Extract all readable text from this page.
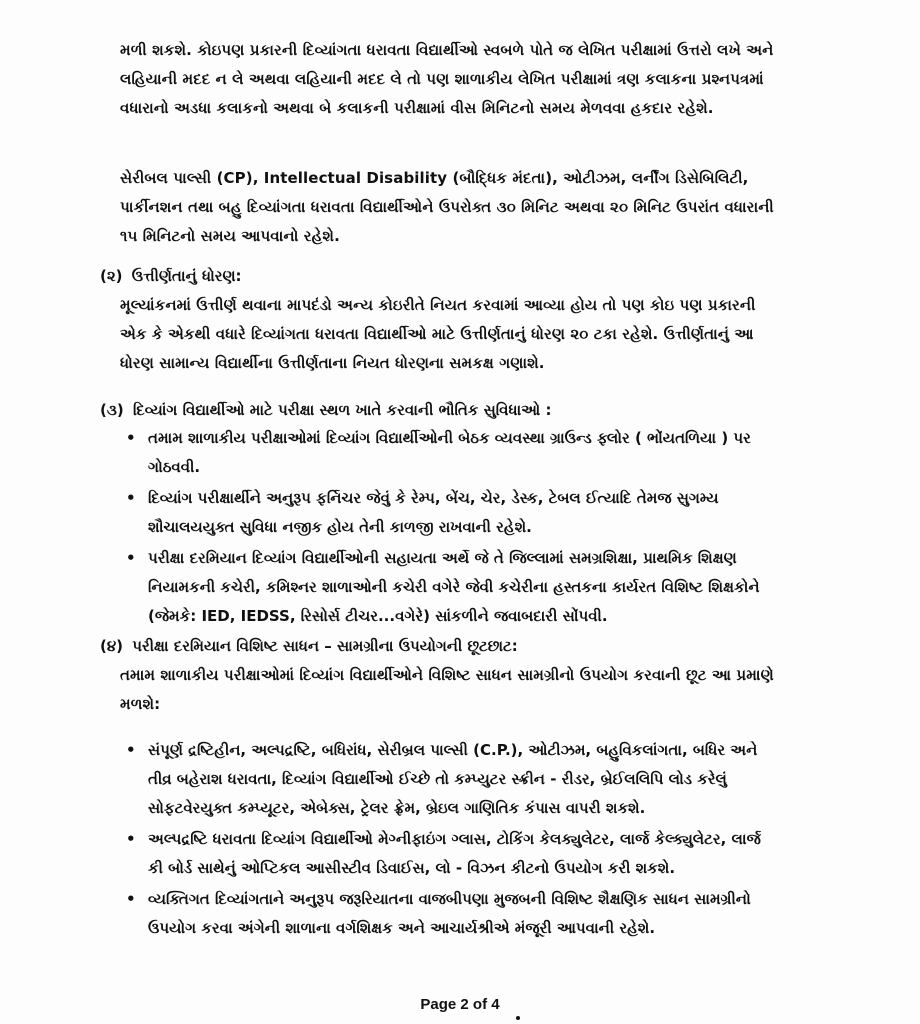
મળી શકશે. કોઇપણ પ્રકારની દિવ્યાંગતા ધરાવતા વિદ્યાર્થીઓ સ્વબળે પોતે જ લેખિત પરીક્ષામાં ઉત્તરો લખે અને લહિયાની મદદ ન લે અથવા લહિયાની મદદ લે તો પણ શાળાકીય લેખિત પરીક્ષામાં ત્રણ કલાકના પ્રશ્નપત્રમાં વધારાનો અડધા કલાકનો અથવા બે કલાકની પરીક્ષામાં વીસ મિનિટનો સમય મેળવવા હકદાર રહેશે.
સેરીબલ પાલ્સી (CP), Intellectual Disability (બૌદ્ધિક મંદતા), ઓટીઝમ, લર્નીંગ ડિસેબિલિટી, પાર્કીનશન તથા બહુ દિવ્યાંગતા ધરાવતા વિદ્યાર્થીઓને ઉપરોક્ત ૩૦ મિનિટ અથવા ૨૦ મિનિટ ઉપરાંત વધારાની ૧૫ મિનિટનો સમય આપવાનો રહેશે.
(૨) ઉત્તીર્ણતાનું ધોરણ:
મૂલ્યાંકનમાં ઉત્તીર્ણ થવાના માપદંડો અન્ય કોઇરીતે નિયત કરવામાં આવ્યા હોય તો પણ કોઇ પણ પ્રકારની એક કે એકથી વધારે દિવ્યાંગતા ધરાવતા વિદ્યાર્થીઓ માટે ઉત્તીર્ણતાનું ધોરણ ૨૦ ટકા રહેશે. ઉત્તીર્ણતાનું આ ધોરણ સામાન્ય વિદ્યાર્થીના ઉત્તીર્ણતાના નિયત ધોરણના સમકક્ષ ગણાશે.
(૩) દિવ્યાંગ વિદ્યાર્થીઓ માટે પરીક્ષા સ્થળ ખાતે કરવાની ભૌતિક સુવિધાઓ :
• તમામ શાળાકીય પરીક્ષાઓમાં દિવ્યાંગ વિદ્યાર્થીઓની બેઠક વ્યવસ્થા ગ્રાઉન્ડ ફ્લોર ( ભોંયતળિયા ) પર ગોઠવવી.
• દિવ્યાંગ પરીક્ષાર્થીને અનુરૂપ ફર્નિચર જેવું કે રેમ્પ, બેંચ, ચેર, ડેસ્ક, ટેબલ ઈત્યાદિ તેમજ સુગમ્ય શૌચાલયયુક્ત સુવિધા નજીક હોય તેની કાળજી રાખવાની રહેશે.
• પરીક્ષા દરમિયાન દિવ્યાંગ વિદ્યાર્થીઓની સહાયતા અર્થે જે તે જિલ્લામાં સમગ્રશિક્ષા, પ્રાથમિક શિક્ષણ નિયામકની કચેરી, કમિશ્નર શાળાઓની કચેરી વગેરે જેવી કચેરીના હસ્તકના કાર્યરત વિશિષ્ટ શિક્ષકોને (જેમકે: IED, IEDSS, રિસોર્સ ટીચર...વગેરે) સાંકળીને જવાબદારી સોંપવી.
(૪) પરીક્ષા દરમિયાન વિશિષ્ટ સાધન – સામગ્રીના ઉપયોગની છૂટછાટ:
તમામ શાળાકીય પરીક્ષાઓમાં દિવ્યાંગ વિદ્યાર્થીઓને વિશિષ્ટ સાધન સામગ્રીનો ઉપયોગ કરવાની છૂટ આ પ્રમાણે મળશે:
• સંપૂર્ણ દ્રષ્ટિહીન, અલ્પદ્રષ્ટિ, બધિરાંધ, સેરીબ્રલ પાલ્સી (C.P.), ઓટીઝમ, બહુવિકલાંગતા, બધિર અને તીવ્ર બહેરાશ ધરાવતા, દિવ્યાંગ વિદ્યાર્થીઓ ઈચ્છે તો કમ્પ્યુટર સ્ક્રીન - રીડર, બ્રેઈલલિપિ લોડ કરેલું સોફટવેરયુક્ત કમ્પ્યૂટર, એબેક્સ, ટ્રેલર ફ્રેમ, બ્રેઇલ ગાણિતિક કંપાસ વાપરી શકશે.
• અલ્પદ્રષ્ટિ ધરાવતા દિવ્યાંગ વિદ્યાર્થીઓ મેગ્નીફાઇંગ ગ્લાસ, ટોકિંગ કેલક્યુલેટર, લાર્જ કેલ્ક્યુલેટર, લાર્જ કી બોર્ડ સાથેનું ઓપ્ટિકલ આસીસ્ટીવ ડિવાઈસ, લો - વિઝન કીટનો ઉપયોગ કરી શકશે.
• વ્યક્તિગત દિવ્યાંગતાને અનુરૂપ જરૂરિયાતના વાજબીપણા મુજબની વિશિષ્ટ શૈક્ષણિક સાધન સામગ્રીનો ઉપયોગ કરવા અંગેની શાળાના વર્ગશિક્ષક અને આચાર્યશ્રીએ મંજૂરી આપવાની રહેશે.
Page 2 of 4
